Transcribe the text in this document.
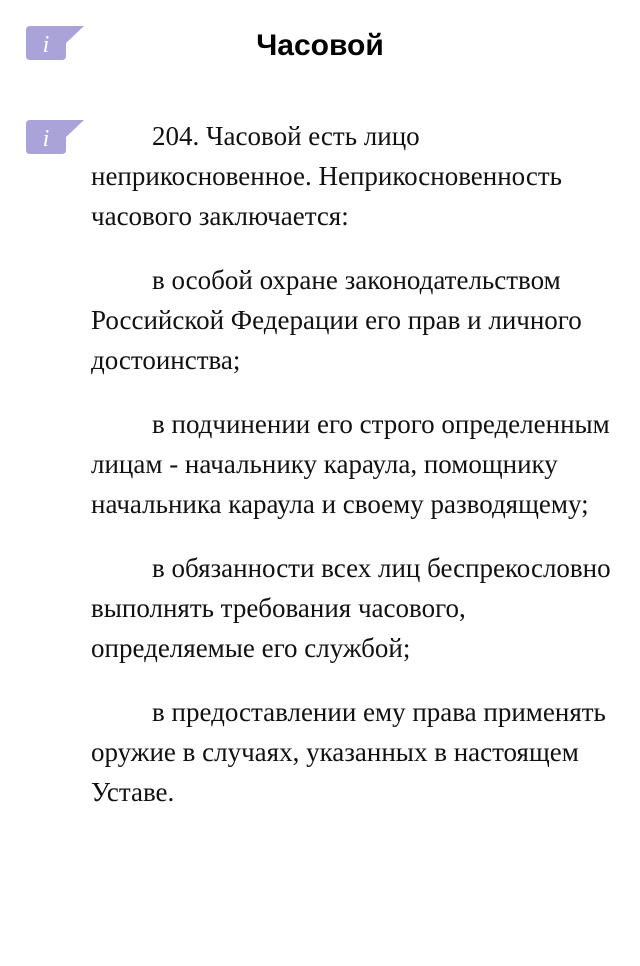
i	Часовой
i	204. Часовой есть лицо неприкосновенное. Неприкосновенность часового заключается:

в особой охране законодательством Российской Федерации его прав и личного достоинства;

в подчинении его строго определенным лицам - начальнику караула, помощнику начальника караула и своему разводящему;

в обязанности всех лиц беспрекословно выполнять требования часового, определяемые его службой;

в предоставлении ему права применять оружие в случаях, указанных в настоящем Уставе.
